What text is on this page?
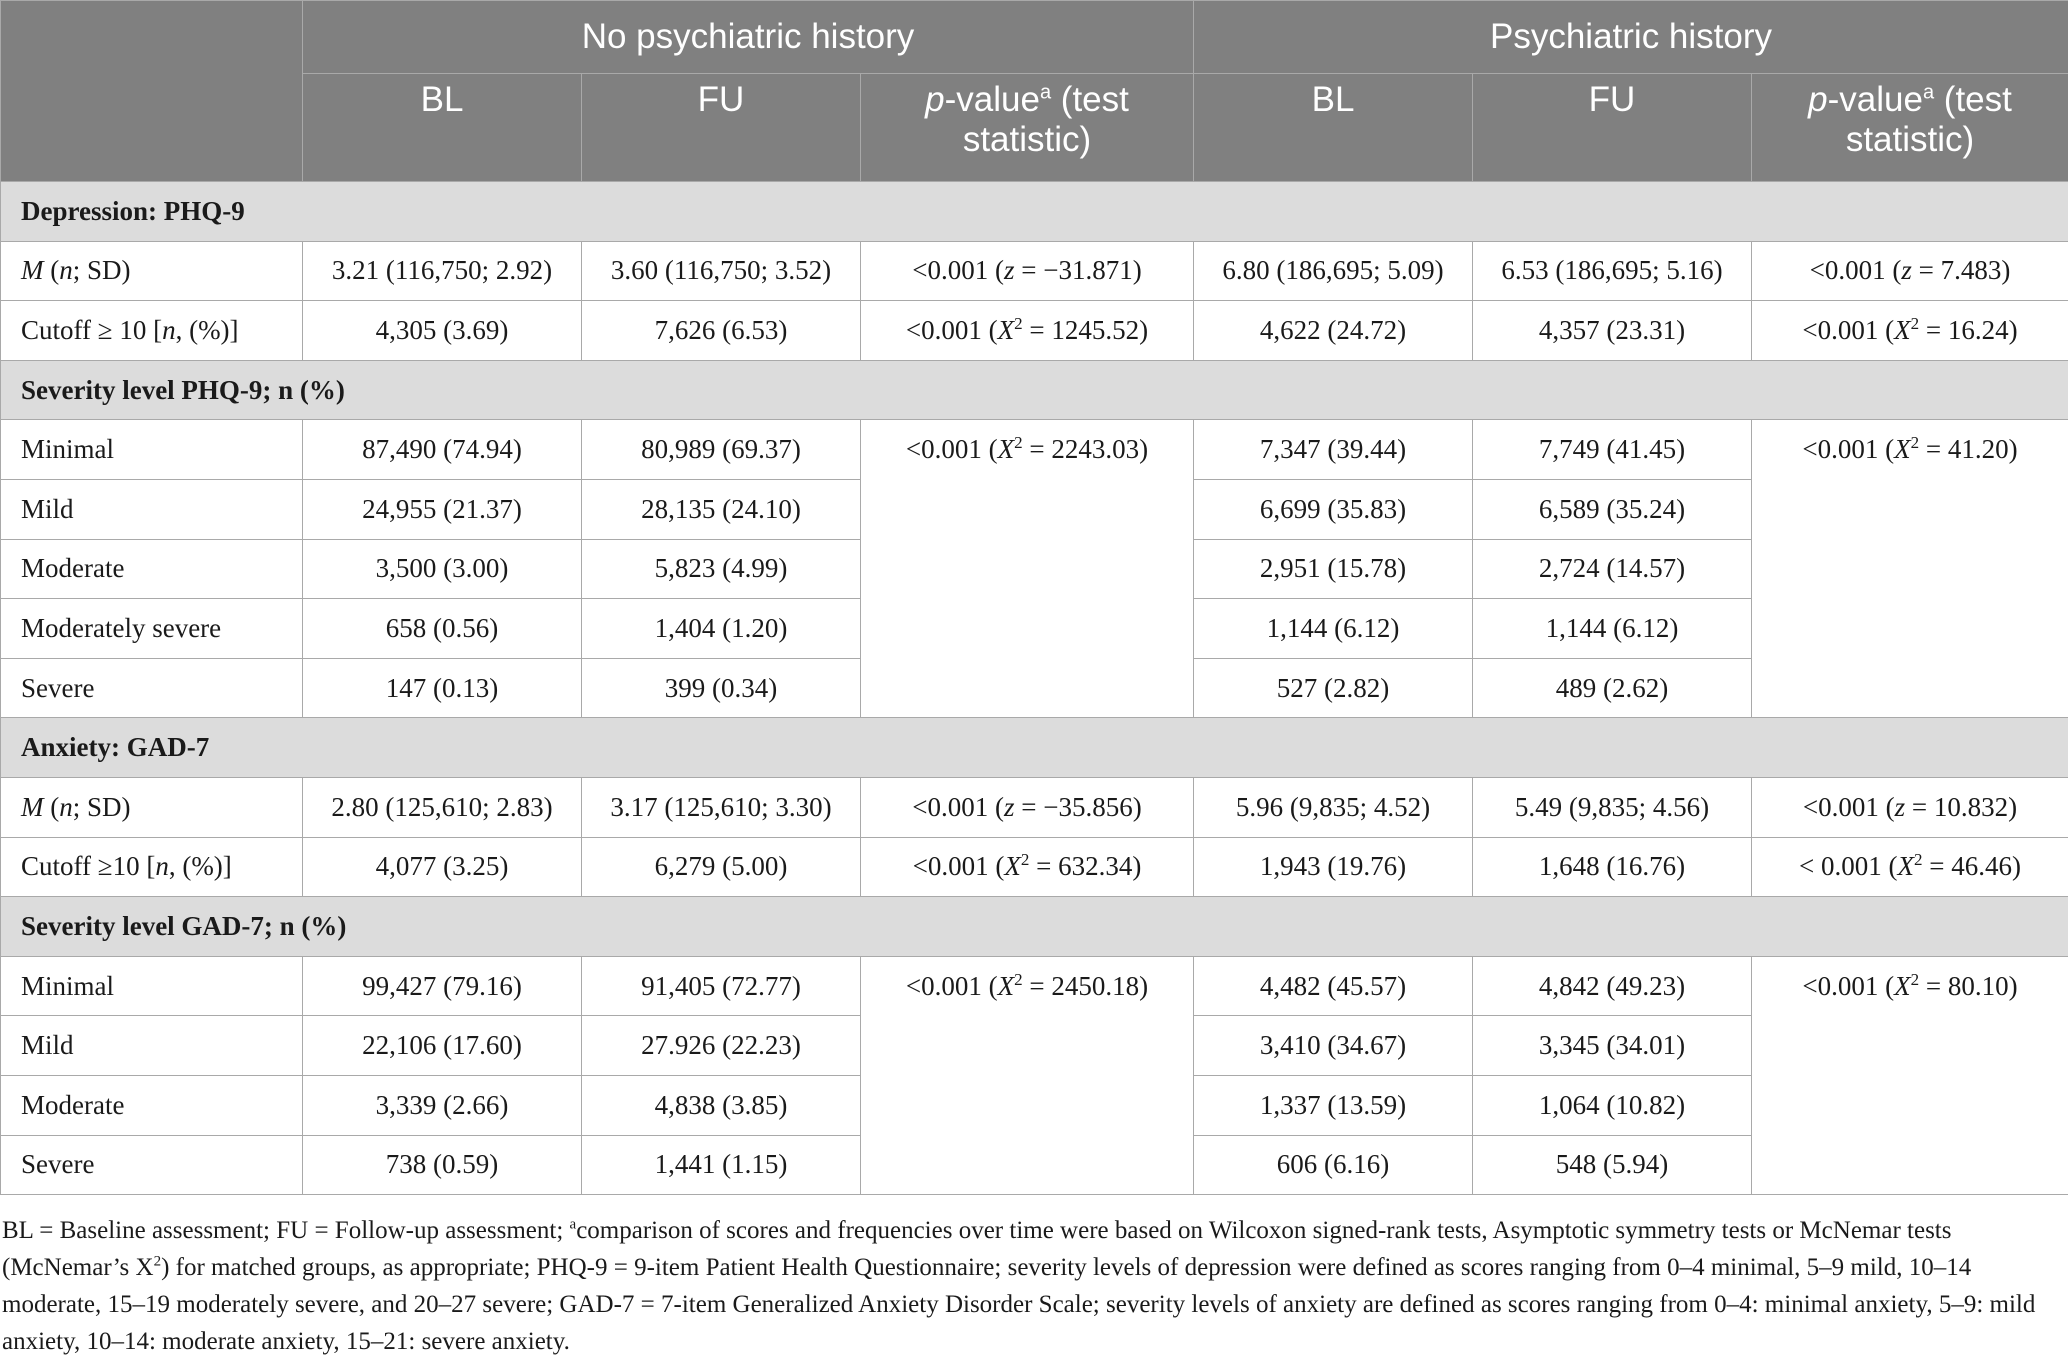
	No psychiatric history			Psychiatric history		
	BL	FU	p-value$^a$ (test statistic)	BL	FU	p-value$^a$ (test statistic)
Depression: PHQ-9						
M (n; SD)	3.21 (116,750; 2.92)	3.60 (116,750; 3.52)	<0.001 (z = −31.871)	6.80 (186,695; 5.09)	6.53 (186,695; 5.16)	<0.001 (z = 7.483)
Cutoff ≥ 10 [n, (%)]	4,305 (3.69)	7,626 (6.53)	<0.001 $(X^2 = 1245.52)$	4,622 (24.72)	4,357 (23.31)	<0.001 $(X^2 = 16.24)$
Severity level PHQ-9; n (%)						
Minimal	87,490 (74.94)	80,989 (69.37)	<0.001 $(X^2 = 2243.03)$	7,347 (39.44)	7,749 (41.45)	<0.001 $(X^2 = 41.20)$
Mild	24,955 (21.37)	28,135 (24.10)		6,699 (35.83)	6,589 (35.24)	
Moderate	3,500 (3.00)	5,823 (4.99)		2,951 (15.78)	2,724 (14.57)	
Moderately severe	658 (0.56)	1,404 (1.20)		1,144 (6.12)	1,144 (6.12)	
Severe	147 (0.13)	399 (0.34)		527 (2.82)	489 (2.62)	
Anxiety: GAD-7						
M (n; SD)	2.80 (125,610; 2.83)	3.17 (125,610; 3.30)	<0.001 (z = −35.856)	5.96 (9,835; 4.52)	5.49 (9,835; 4.56)	<0.001 (z = 10.832)
Cutoff ≥10 [n, (%)]	4,077 (3.25)	6,279 (5.00)	<0.001 $(X^2 = 632.34)$	1,943 (19.76)	1,648 (16.76)	< 0.001 $(X^2 = 46.46)$
Severity level GAD-7; n (%)						
Minimal	99,427 (79.16)	91,405 (72.77)	<0.001 $(X^2 = 2450.18)$	4,482 (45.57)	4,842 (49.23)	<0.001 $(X^2 = 80.10)$
Mild	22,106 (17.60)	27.926 (22.23)		3,410 (34.67)	3,345 (34.01)	
Moderate	3,339 (2.66)	4,838 (3.85)		1,337 (13.59)	1,064 (10.82)	
Severe	738 (0.59)	1,441 (1.15)		606 (6.16)	548 (5.94)	
BL = Baseline assessment; FU = Follow-up assessment; $^a$comparison of scores and frequencies over time were based on Wilcoxon signed-rank tests, Asymptotic symmetry tests or McNemar tests (McNemar’s $X^2$) for matched groups, as appropriate; PHQ-9 = 9-item Patient Health Questionnaire; severity levels of depression were defined as scores ranging from 0–4 minimal, 5–9 mild, 10–14 moderate, 15–19 moderately severe, and 20–27 severe; GAD-7 = 7-item Generalized Anxiety Disorder Scale; severity levels of anxiety are defined as scores ranging from 0–4: minimal anxiety, 5–9: mild anxiety, 10–14: moderate anxiety, 15–21: severe anxiety.
